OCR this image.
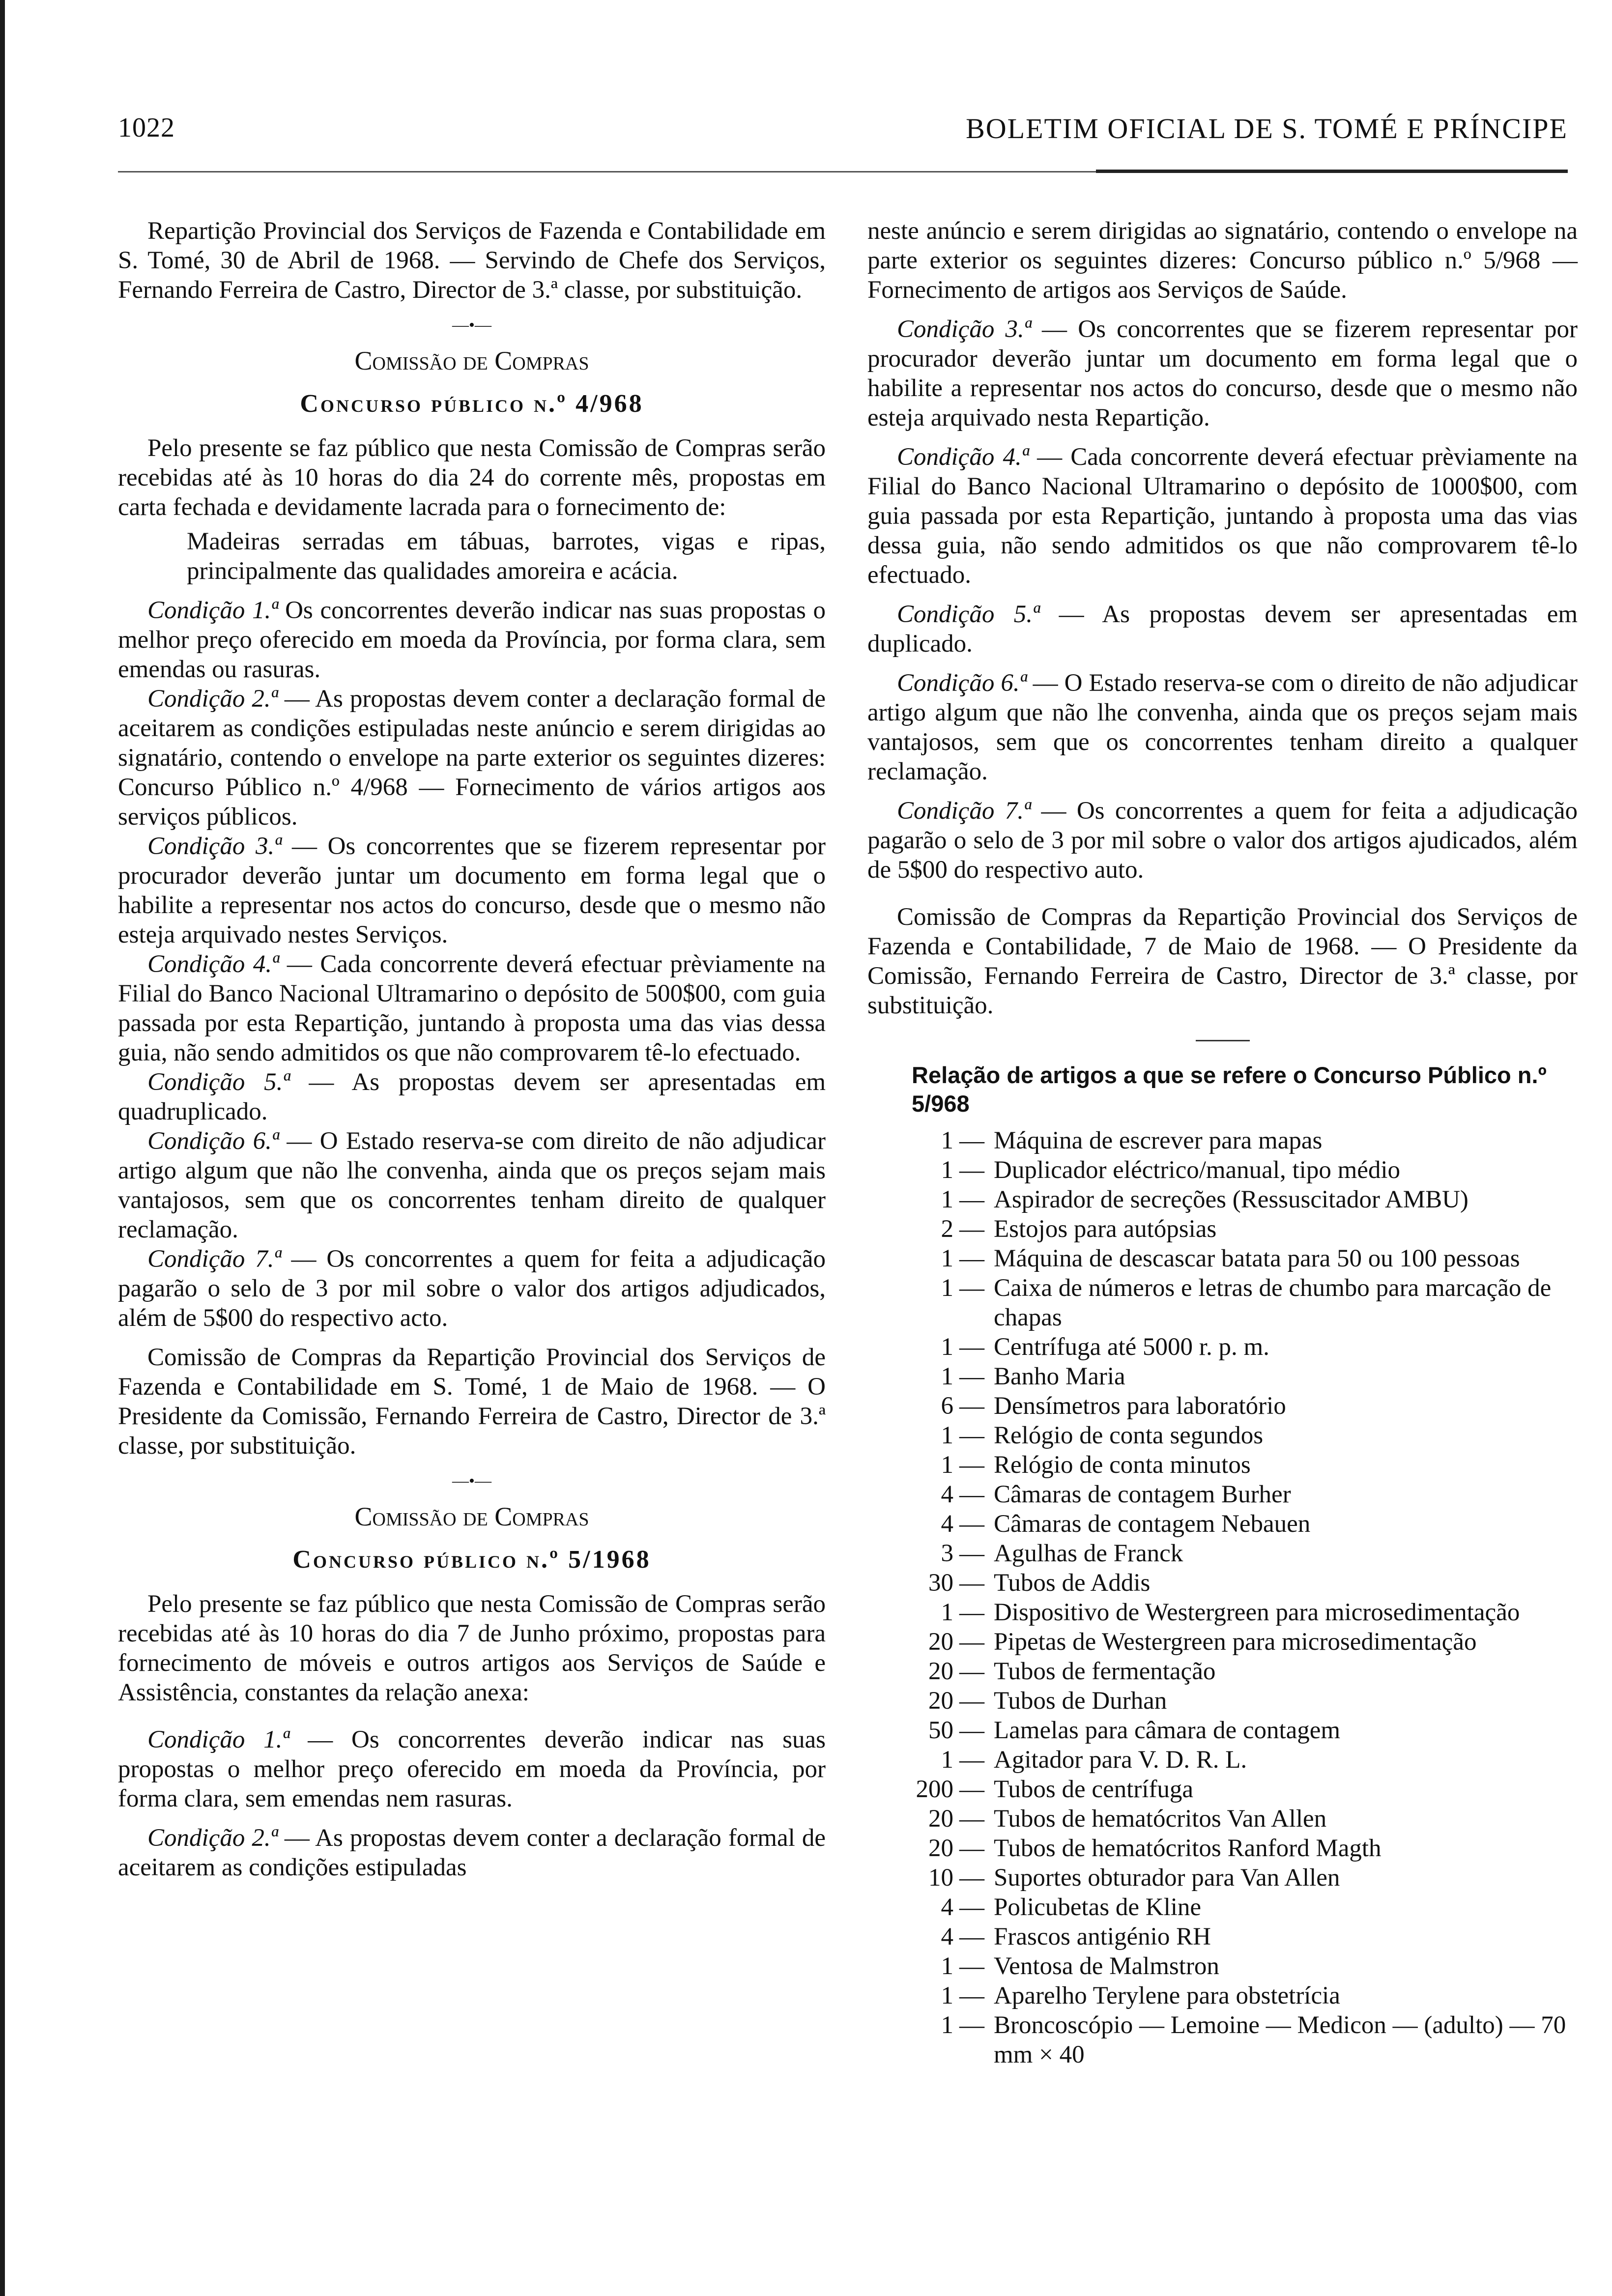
1022	BOLETIM OFICIAL DE S. TOMÉ E PRÍNCIPE

Repartição Provincial dos Serviços de Fazenda e Contabilidade em S. Tomé, 30 de Abril de 1968. — Servindo de Chefe dos Serviços, Fernando Ferreira de Castro, Director de 3.ª classe, por substituição.

—•—
Comissão de Compras
Concurso público n.º 4/968

Pelo presente se faz público que nesta Comissão de Compras serão recebidas até às 10 horas do dia 24 do corrente mês, propostas em carta fechada e devidamente lacrada para o fornecimento de:

Madeiras serradas em tábuas, barrotes, vigas e ripas, principalmente das qualidades amoreira e acácia.

Condição 1.ª Os concorrentes deverão indicar nas suas propostas o melhor preço oferecido em moeda da Província, por forma clara, sem emendas ou rasuras.

Condição 2.ª — As propostas devem conter a declaração formal de aceitarem as condições estipuladas neste anúncio e serem dirigidas ao signatário, contendo o envelope na parte exterior os seguintes dizeres: Concurso Público n.º 4/968 — Fornecimento de vários artigos aos serviços públicos.

Condição 3.ª — Os concorrentes que se fizerem representar por procurador deverão juntar um documento em forma legal que o habilite a representar nos actos do concurso, desde que o mesmo não esteja arquivado nestes Serviços.

Condição 4.ª — Cada concorrente deverá efectuar prèviamente na Filial do Banco Nacional Ultramarino o depósito de 500$00, com guia passada por esta Repartição, juntando à proposta uma das vias dessa guia, não sendo admitidos os que não comprovarem tê-lo efectuado.

Condição 5.ª — As propostas devem ser apresentadas em quadruplicado.

Condição 6.ª — O Estado reserva-se com direito de não adjudicar artigo algum que não lhe convenha, ainda que os preços sejam mais vantajosos, sem que os concorrentes tenham direito de qualquer reclamação.

Condição 7.ª — Os concorrentes a quem for feita a adjudicação pagarão o selo de 3 por mil sobre o valor dos artigos adjudicados, além de 5$00 do respectivo acto.

Comissão de Compras da Repartição Provincial dos Serviços de Fazenda e Contabilidade em S. Tomé, 1 de Maio de 1968. — O Presidente da Comissão, Fernando Ferreira de Castro, Director de 3.ª classe, por substituição.

—•—
Comissão de Compras
Concurso público n.º 5/1968

Pelo presente se faz público que nesta Comissão de Compras serão recebidas até às 10 horas do dia 7 de Junho próximo, propostas para fornecimento de móveis e outros artigos aos Serviços de Saúde e Assistência, constantes da relação anexa:

Condição 1.ª — Os concorrentes deverão indicar nas suas propostas o melhor preço oferecido em moeda da Província, por forma clara, sem emendas nem rasuras.

Condição 2.ª — As propostas devem conter a declaração formal de aceitarem as condições estipuladas

neste anúncio e serem dirigidas ao signatário, contendo o envelope na parte exterior os seguintes dizeres: Concurso público n.º 5/968 — Fornecimento de artigos aos Serviços de Saúde.

Condição 3.ª — Os concorrentes que se fizerem representar por procurador deverão juntar um documento em forma legal que o habilite a representar nos actos do concurso, desde que o mesmo não esteja arquivado nesta Repartição.

Condição 4.ª — Cada concorrente deverá efectuar prèviamente na Filial do Banco Nacional Ultramarino o depósito de 1000$00, com guia passada por esta Repartição, juntando à proposta uma das vias dessa guia, não sendo admitidos os que não comprovarem tê-lo efectuado.

Condição 5.ª — As propostas devem ser apresentadas em duplicado.

Condição 6.ª — O Estado reserva-se com o direito de não adjudicar artigo algum que não lhe convenha, ainda que os preços sejam mais vantajosos, sem que os concorrentes tenham direito a qualquer reclamação.

Condição 7.ª — Os concorrentes a quem for feita a adjudicação pagarão o selo de 3 por mil sobre o valor dos artigos ajudicados, além de 5$00 do respectivo auto.

Comissão de Compras da Repartição Provincial dos Serviços de Fazenda e Contabilidade, 7 de Maio de 1968. — O Presidente da Comissão, Fernando Ferreira de Castro, Director de 3.ª classe, por substituição.

Relação de artigos a que se refere o Concurso Público n.º 5/968

1 — Máquina de escrever para mapas
1 — Duplicador eléctrico/manual, tipo médio
1 — Aspirador de secreções (Ressuscitador AMBU)
2 — Estojos para autópsias
1 — Máquina de descascar batata para 50 ou 100 pessoas
1 — Caixa de números e letras de chumbo para marcação de chapas
1 — Centrífuga até 5000 r. p. m.
1 — Banho Maria
6 — Densímetros para laboratório
1 — Relógio de conta segundos
1 — Relógio de conta minutos
4 — Câmaras de contagem Burher
4 — Câmaras de contagem Nebauen
3 — Agulhas de Franck
30 — Tubos de Addis
1 — Dispositivo de Westergreen para microsedimentação
20 — Pipetas de Westergreen para microsedimentação
20 — Tubos de fermentação
20 — Tubos de Durhan
50 — Lamelas para câmara de contagem
1 — Agitador para V. D. R. L.
200 — Tubos de centrífuga
20 — Tubos de hematócritos Van Allen
20 — Tubos de hematócritos Ranford Magth
10 — Suportes obturador para Van Allen
4 — Policubetas de Kline
4 — Frascos antigénio RH
1 — Ventosa de Malmstron
1 — Aparelho Terylene para obstetrícia
1 — Broncoscópio — Lemoine — Medicon — (adulto) — 70 mm × 40
